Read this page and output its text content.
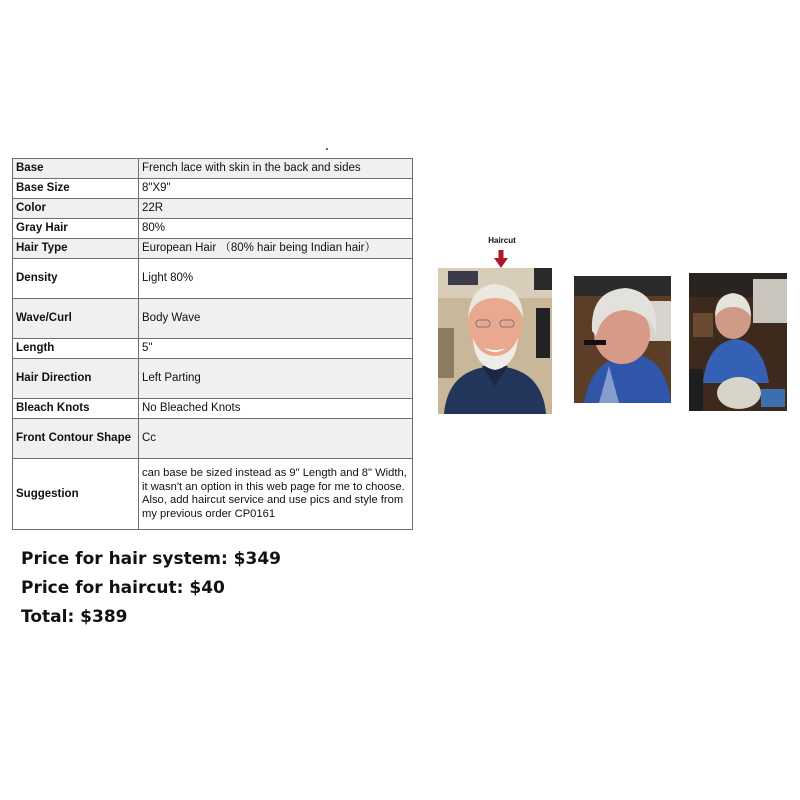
Base	French lace with skin in the back and sides
Base Size	8"X9"
Color	22R
Gray Hair	80%
Hair Type	European Hair （80% hair being Indian hair）
Density	Light 80%
Wave/Curl	Body Wave
Length	5"
Hair Direction	Left Parting
Bleach Knots	No Bleached Knots
Front Contour Shape	Cc
Suggestion	can base be sized instead as 9" Length and 8" Width, it wasn't an option in this web page for me to choose. Also, add haircut service and use pics and style from my previous order CP0161
Price for hair system: $349
Price for haircut: $40
Total: $389
Haircut
